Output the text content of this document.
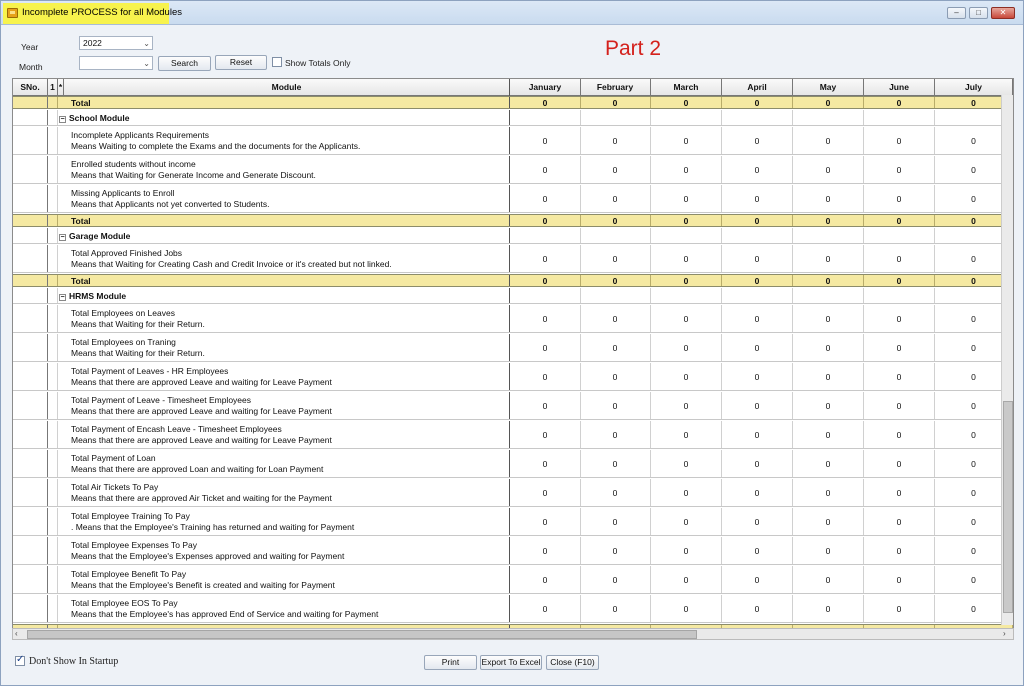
Incomplete PROCESS for all Modules	‒	□	✕
Year	2022	⌄
Month	⌄	Search	Reset	Show Totals Only
Part 2
SNo.	1 *	Module	January	February	March	April	May	June	July
Total	0	0	0	0	0	0	0
− School Module
Incomplete Applicants Requirements
Means Waiting to complete the Exams and the documents for the Applicants.	0	0	0	0	0	0	0
Enrolled students without income
Means that Waiting for Generate Income and Generate Discount.	0	0	0	0	0	0	0
Missing Applicants to Enroll
Means that Applicants not yet converted to Students.	0	0	0	0	0	0	0
Total	0	0	0	0	0	0	0
− Garage Module
Total Approved Finished Jobs
Means that Waiting for Creating Cash and Credit Invoice or it's created but not linked.	0	0	0	0	0	0	0
Total	0	0	0	0	0	0	0
− HRMS Module
Total Employees on Leaves
Means that Waiting for their Return.	0	0	0	0	0	0	0
Total Employees on Traning
Means that Waiting for their Return.	0	0	0	0	0	0	0
Total Payment of Leaves - HR Employees
Means that there are approved Leave and waiting for Leave Payment	0	0	0	0	0	0	0
Total Payment of Leave - Timesheet Employees
Means that there are approved Leave and waiting for Leave Payment	0	0	0	0	0	0	0
Total Payment of Encash Leave - Timesheet Employees
Means that there are approved Leave and waiting for Leave Payment	0	0	0	0	0	0	0
Total Payment of Loan
Means that there are approved Loan and waiting for Loan Payment	0	0	0	0	0	0	0
Total Air Tickets To Pay
Means that there are approved Air Ticket and waiting for the Payment	0	0	0	0	0	0	0
Total Employee Training To Pay
. Means that the Employee's Training has returned and waiting for Payment	0	0	0	0	0	0	0
Total Employee Expenses To Pay
Means that the Employee's Expenses approved and waiting for Payment	0	0	0	0	0	0	0
Total Employee Benefit To Pay
Means that the Employee's Benefit is created and waiting for Payment	0	0	0	0	0	0	0
Total Employee EOS To Pay
Means that the Employee's has approved End of Service and waiting for Payment	0	0	0	0	0	0	0
‹	›
✓
Don't Show In Startup	Print	Export To Excel	Close (F10)
